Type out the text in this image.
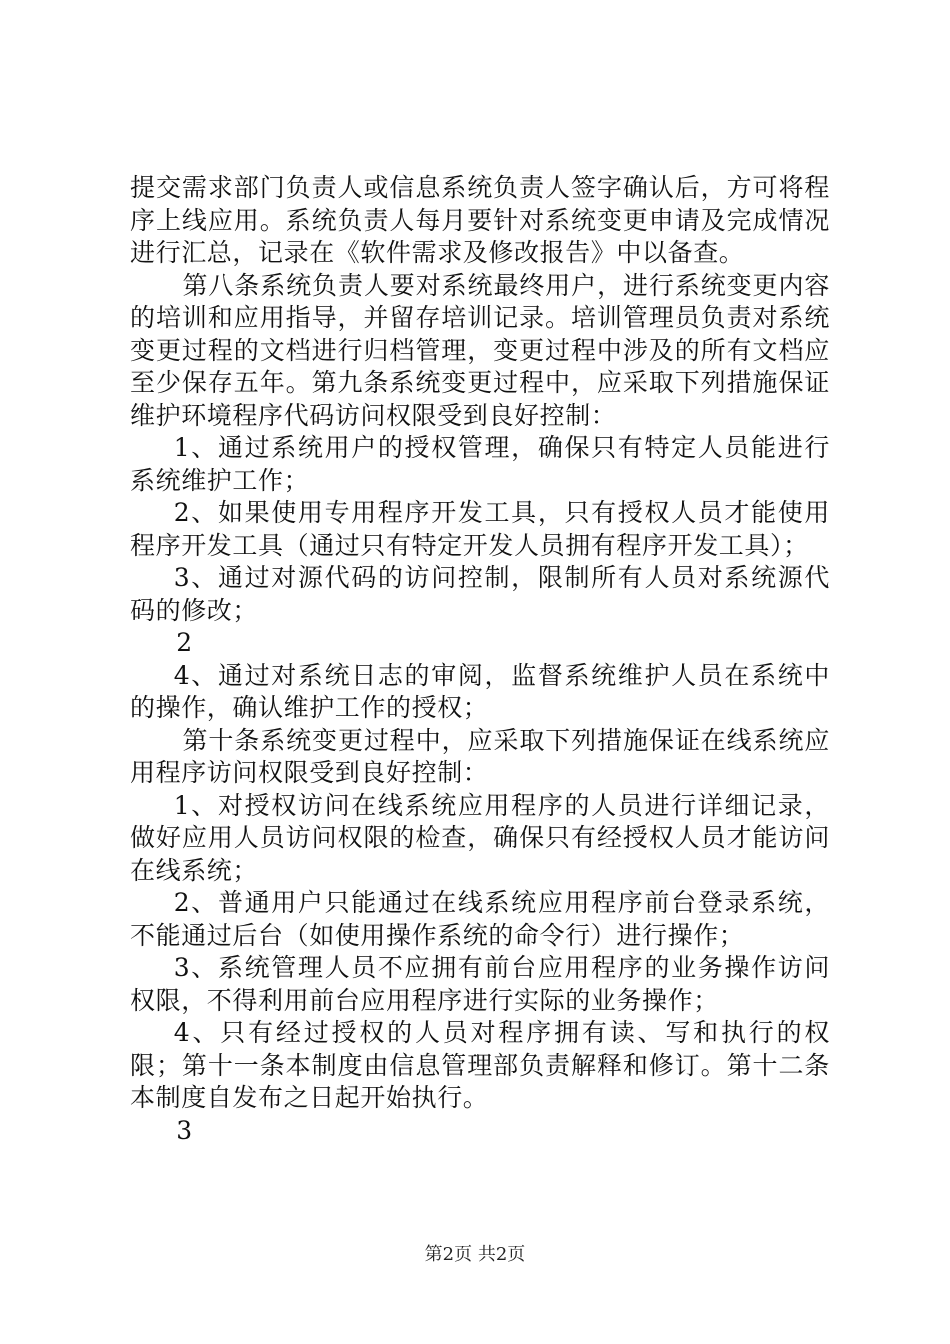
提交需求部门负责人或信息系统负责人签字确认后，方可将程序上线应用。系统负责人每月要针对系统变更申请及完成情况进行汇总，记录在《软件需求及修改报告》中以备查。

第八条系统负责人要对系统最终用户，进行系统变更内容的培训和应用指导，并留存培训记录。培训管理员负责对系统变更过程的文档进行归档管理，变更过程中涉及的所有文档应至少保存五年。第九条系统变更过程中，应采取下列措施保证维护环境程序代码访问权限受到良好控制：

1、通过系统用户的授权管理，确保只有特定人员能进行系统维护工作；

2、如果使用专用程序开发工具，只有授权人员才能使用程序开发工具（通过只有特定开发人员拥有程序开发工具）；

3、通过对源代码的访问控制，限制所有人员对系统源代码的修改；

2

4、通过对系统日志的审阅，监督系统维护人员在系统中的操作，确认维护工作的授权；

第十条系统变更过程中，应采取下列措施保证在线系统应用程序访问权限受到良好控制：

1、对授权访问在线系统应用程序的人员进行详细记录，做好应用人员访问权限的检查，确保只有经授权人员才能访问在线系统；

2、普通用户只能通过在线系统应用程序前台登录系统，不能通过后台（如使用操作系统的命令行）进行操作；

3、系统管理人员不应拥有前台应用程序的业务操作访问权限，不得利用前台应用程序进行实际的业务操作；

4、只有经过授权的人员对程序拥有读、写和执行的权限；第十一条本制度由信息管理部负责解释和修订。第十二条本制度自发布之日起开始执行。

3

第2页 共2页
